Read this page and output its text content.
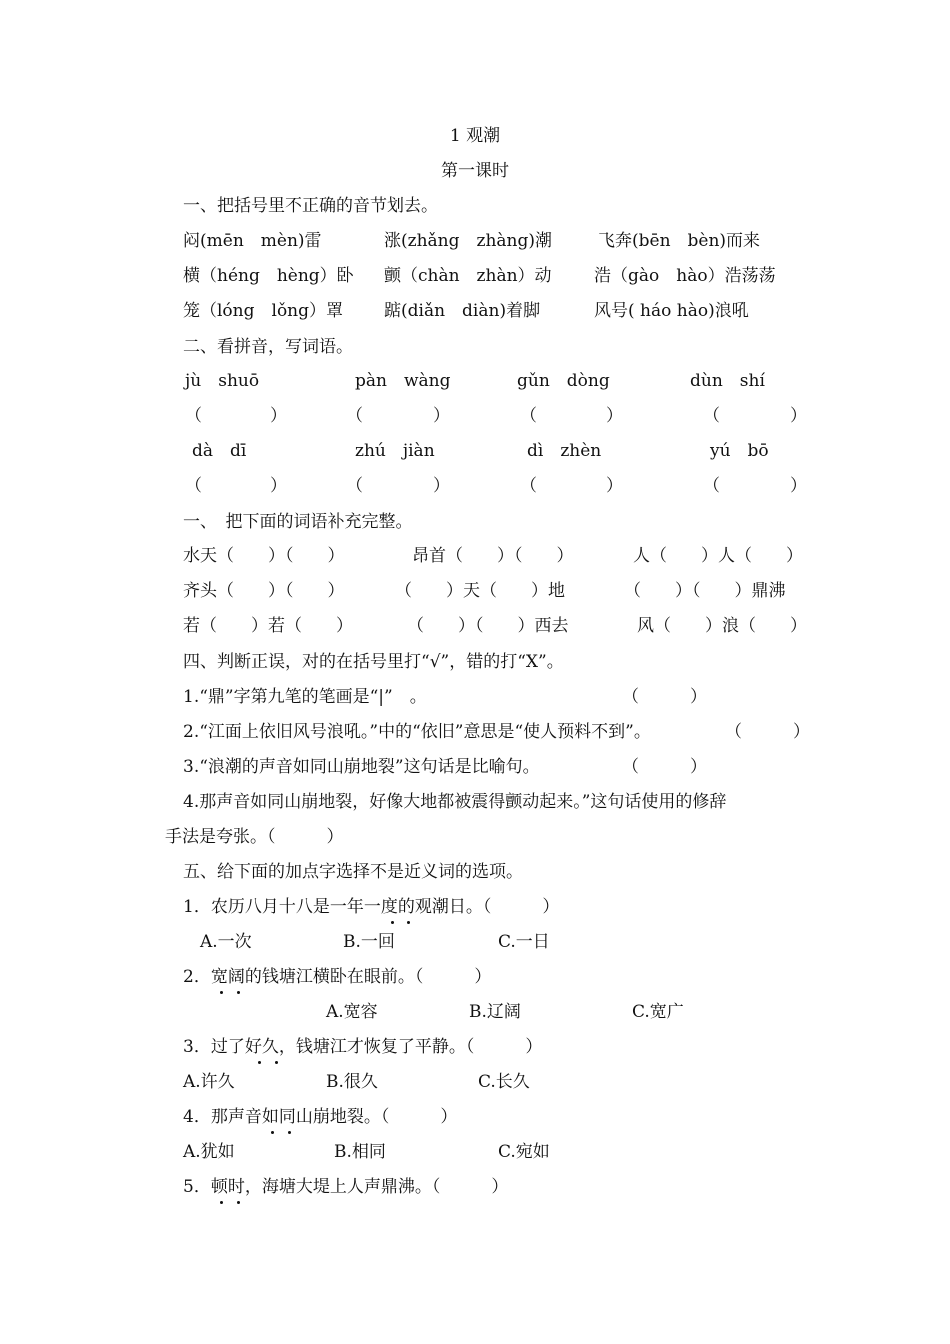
1 观潮
第一课时
一、把括号里不正确的音节划去。
闷(mēn　mèn)雷	涨(zhǎng　zhàng)潮	飞奔(bēn　bèn)而来
横（héng　hèng）卧 颤（chàn　zhàn）动 浩（gào　hào）浩荡荡
笼（lóng　lǒng）罩 踮(diǎn　diàn)着脚	风号( háo hào)浪吼
二、看拼音，写词语。
jù　shuō	pàn　wàng	gǔn　dòng	dùn　shí
（	）	（	）	（	）	（	）
dà　dī	zhú　jiàn	dì　zhèn	yú　bō
（	）	（	）	（	）	（	）
一、　把下面的词语补充完整。
水天（　　）（　　）	昂首（　　）（　　）	人（　　）人（　　）
齐头（　　）（　　）	（　　）天（　　）地	（　　）（　　）鼎沸
若（　　）若（　　）	（　　）（　　）西去	风（　　）浪（　　）
四、判断正误，对的在括号里打“√”，错的打“X”。
1.“鼎”字第九笔的笔画是“|”　。	（　　　）
2.“江面上依旧风号浪吼。”中的“依旧”意思是“使人预料不到”。	（　　　）
3.“浪潮的声音如同山崩地裂”这句话是比喻句。	（　　　）
4.那声音如同山崩地裂，好像大地都被震得颤动起来。”这句话使用的修辞
手法是夸张。（　　　）
五、给下面的加点字选择不是近义词的选项。
1．农历八月十八是一年一度的观潮日。（　　　）
A.一次	B.一回	C.一日
2．宽阔的钱塘江横卧在眼前。（　　　）
A.宽容	B.辽阔	C.宽广
3．过了好久，钱塘江才恢复了平静。（　　　）
A.许久	B.很久	C.长久
4．那声音如同山崩地裂。（　　　）
A.犹如	B.相同	C.宛如
5．顿时，海塘大堤上人声鼎沸。（　　　）
